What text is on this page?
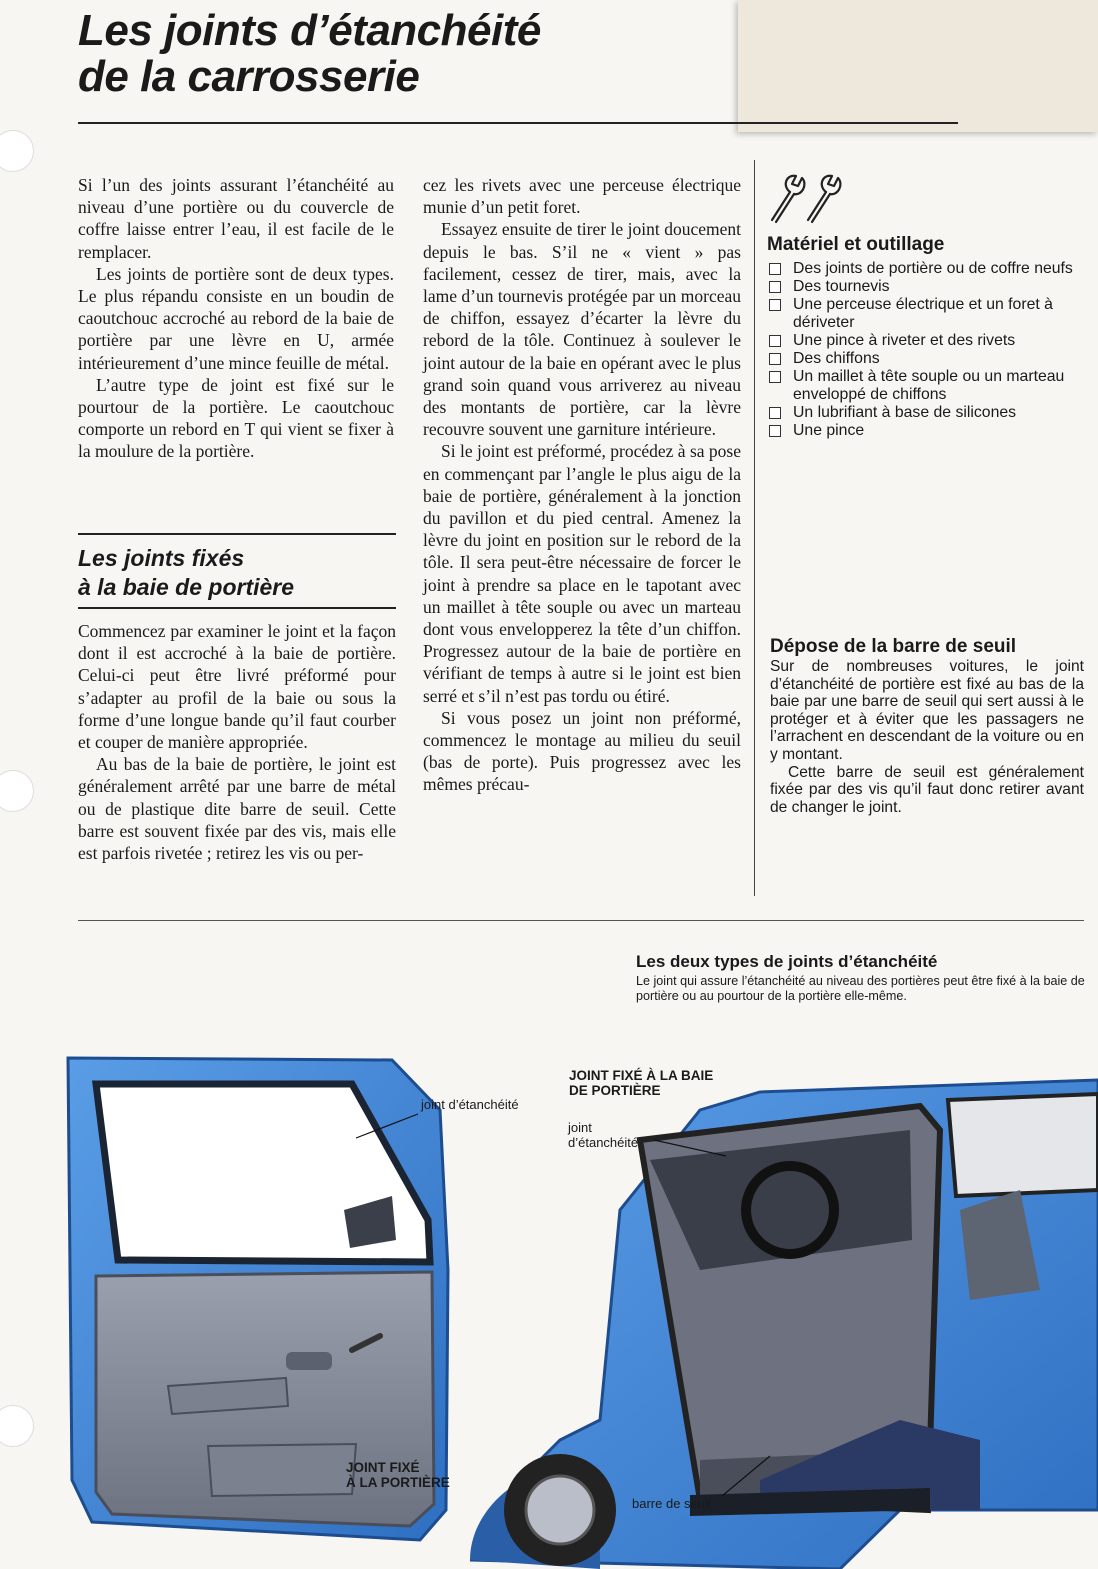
Les joints d’étanchéité
de la carrosserie

Si l’un des joints assurant l’étanchéité au niveau d’une portière ou du couvercle de coffre laisse entrer l’eau, il est facile de le remplacer.

Les joints de portière sont de deux types. Le plus répandu consiste en un boudin de caoutchouc accroché au rebord de la baie de portière par une lèvre en U, armée intérieurement d’une mince feuille de métal.

L’autre type de joint est fixé sur le pourtour de la portière. Le caoutchouc comporte un rebord en T qui vient se fixer à la moulure de la portière.

Les joints fixés
à la baie de portière

Commencez par examiner le joint et la façon dont il est accroché à la baie de portière. Celui-ci peut être livré préformé pour s’adapter au profil de la baie ou sous la forme d’une longue bande qu’il faut courber et couper de manière appropriée.

Au bas de la baie de portière, le joint est généralement arrêté par une barre de métal ou de plastique dite barre de seuil. Cette barre est souvent fixée par des vis, mais elle est parfois rivetée ; retirez les vis ou per-

cez les rivets avec une perceuse électrique munie d’un petit foret.

Essayez ensuite de tirer le joint doucement depuis le bas. S’il ne « vient » pas facilement, cessez de tirer, mais, avec la lame d’un tournevis protégée par un morceau de chiffon, essayez d’écarter la lèvre du rebord de la tôle. Continuez à soulever le joint autour de la baie en opérant avec le plus grand soin quand vous arriverez au niveau des montants de portière, car la lèvre recouvre souvent une garniture intérieure.

Si le joint est préformé, procédez à sa pose en commençant par l’angle le plus aigu de la baie de portière, généralement à la jonction du pavillon et du pied central. Amenez la lèvre du joint en position sur le rebord de la tôle. Il sera peut-être nécessaire de forcer le joint à prendre sa place en le tapotant avec un maillet à tête souple ou avec un marteau dont vous envelopperez la tête d’un chiffon. Progressez autour de la baie de portière en vérifiant de temps à autre si le joint est bien serré et s’il n’est pas tordu ou étiré.

Si vous posez un joint non préformé, commencez le montage au milieu du seuil (bas de porte). Puis progressez avec les mêmes précau-

Matériel et outillage
Des joints de portière ou de coffre neufs
Des tournevis
Une perceuse électrique et un foret à dériveter
Une pince à riveter et des rivets
Des chiffons
Un maillet à tête souple ou un marteau enveloppé de chiffons
Un lubrifiant à base de silicones
Une pince
Dépose de la barre de seuil

Sur de nombreuses voitures, le joint d’étanchéité de portière est fixé au bas de la baie par une barre de seuil qui sert aussi à le protéger et à éviter que les passagers ne l’arrachent en descendant de la voiture ou en y montant.

Cette barre de seuil est généralement fixée par des vis qu’il faut donc retirer avant de changer le joint.

Les deux types de joints d’étanchéité

Le joint qui assure l’étanchéité au niveau des portières peut être fixé à la baie de portière ou au pourtour de la portière elle-même.

joint d’étanchéité
JOINT FIXÉ À LA BAIE
DE PORTIÈRE
joint d’étanchéité
JOINT FIXÉ
À LA PORTIÈRE
barre de seuil
